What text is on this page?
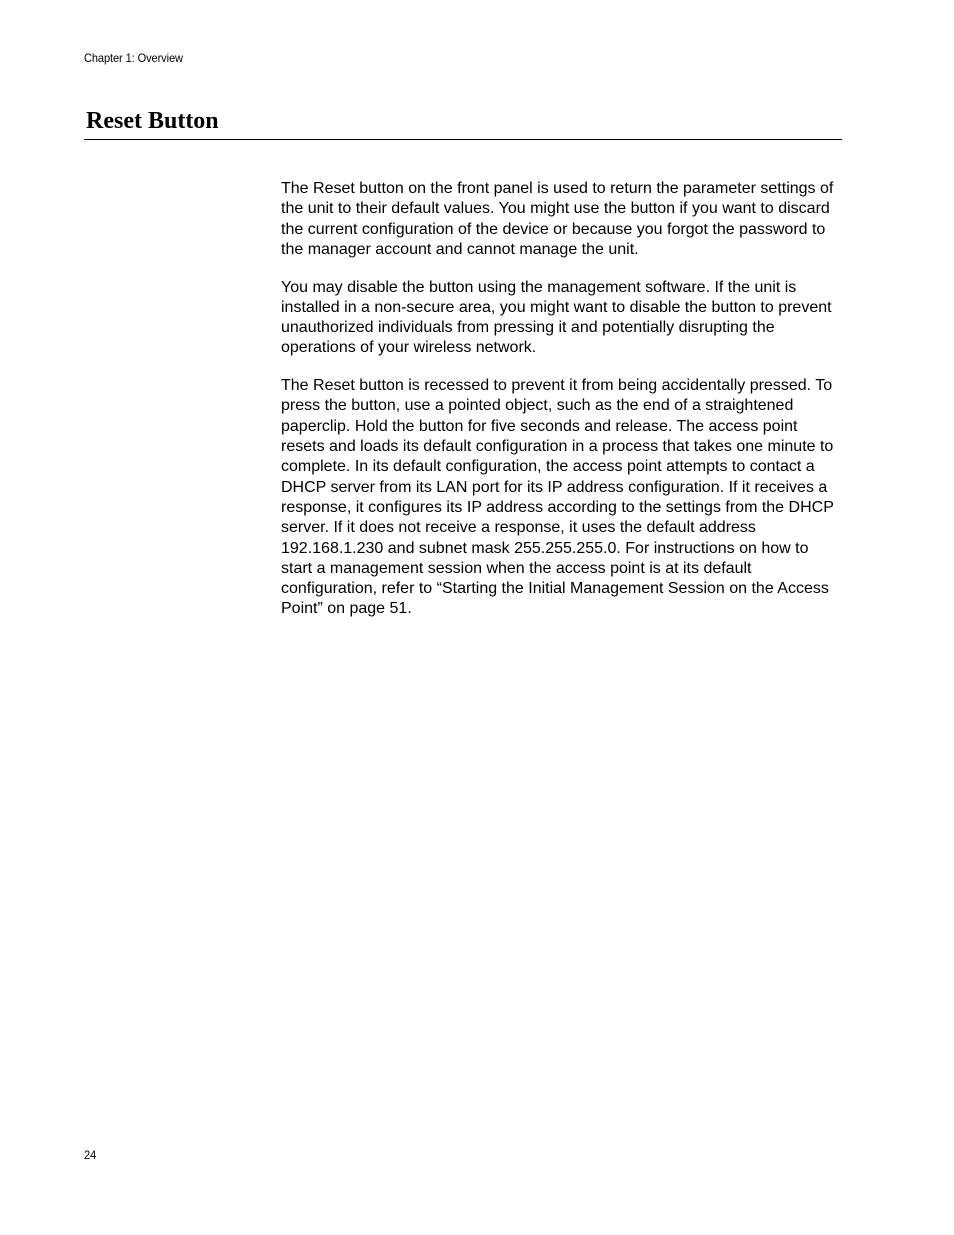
Chapter 1: Overview
Reset Button

The Reset button on the front panel is used to return the parameter settings of the unit to their default values. You might use the button if you want to discard the current configuration of the device or because you forgot the password to the manager account and cannot manage the unit.

You may disable the button using the management software. If the unit is installed in a non-secure area, you might want to disable the button to prevent unauthorized individuals from pressing it and potentially disrupting the operations of your wireless network.

The Reset button is recessed to prevent it from being accidentally pressed. To press the button, use a pointed object, such as the end of a straightened paperclip. Hold the button for five seconds and release. The access point resets and loads its default configuration in a process that takes one minute to complete. In its default configuration, the access point attempts to contact a DHCP server from its LAN port for its IP address configuration. If it receives a response, it configures its IP address according to the settings from the DHCP server. If it does not receive a response, it uses the default address 192.168.1.230 and subnet mask 255.255.255.0. For instructions on how to start a management session when the access point is at its default configuration, refer to “Starting the Initial Management Session on the Access Point” on page 51.

24
